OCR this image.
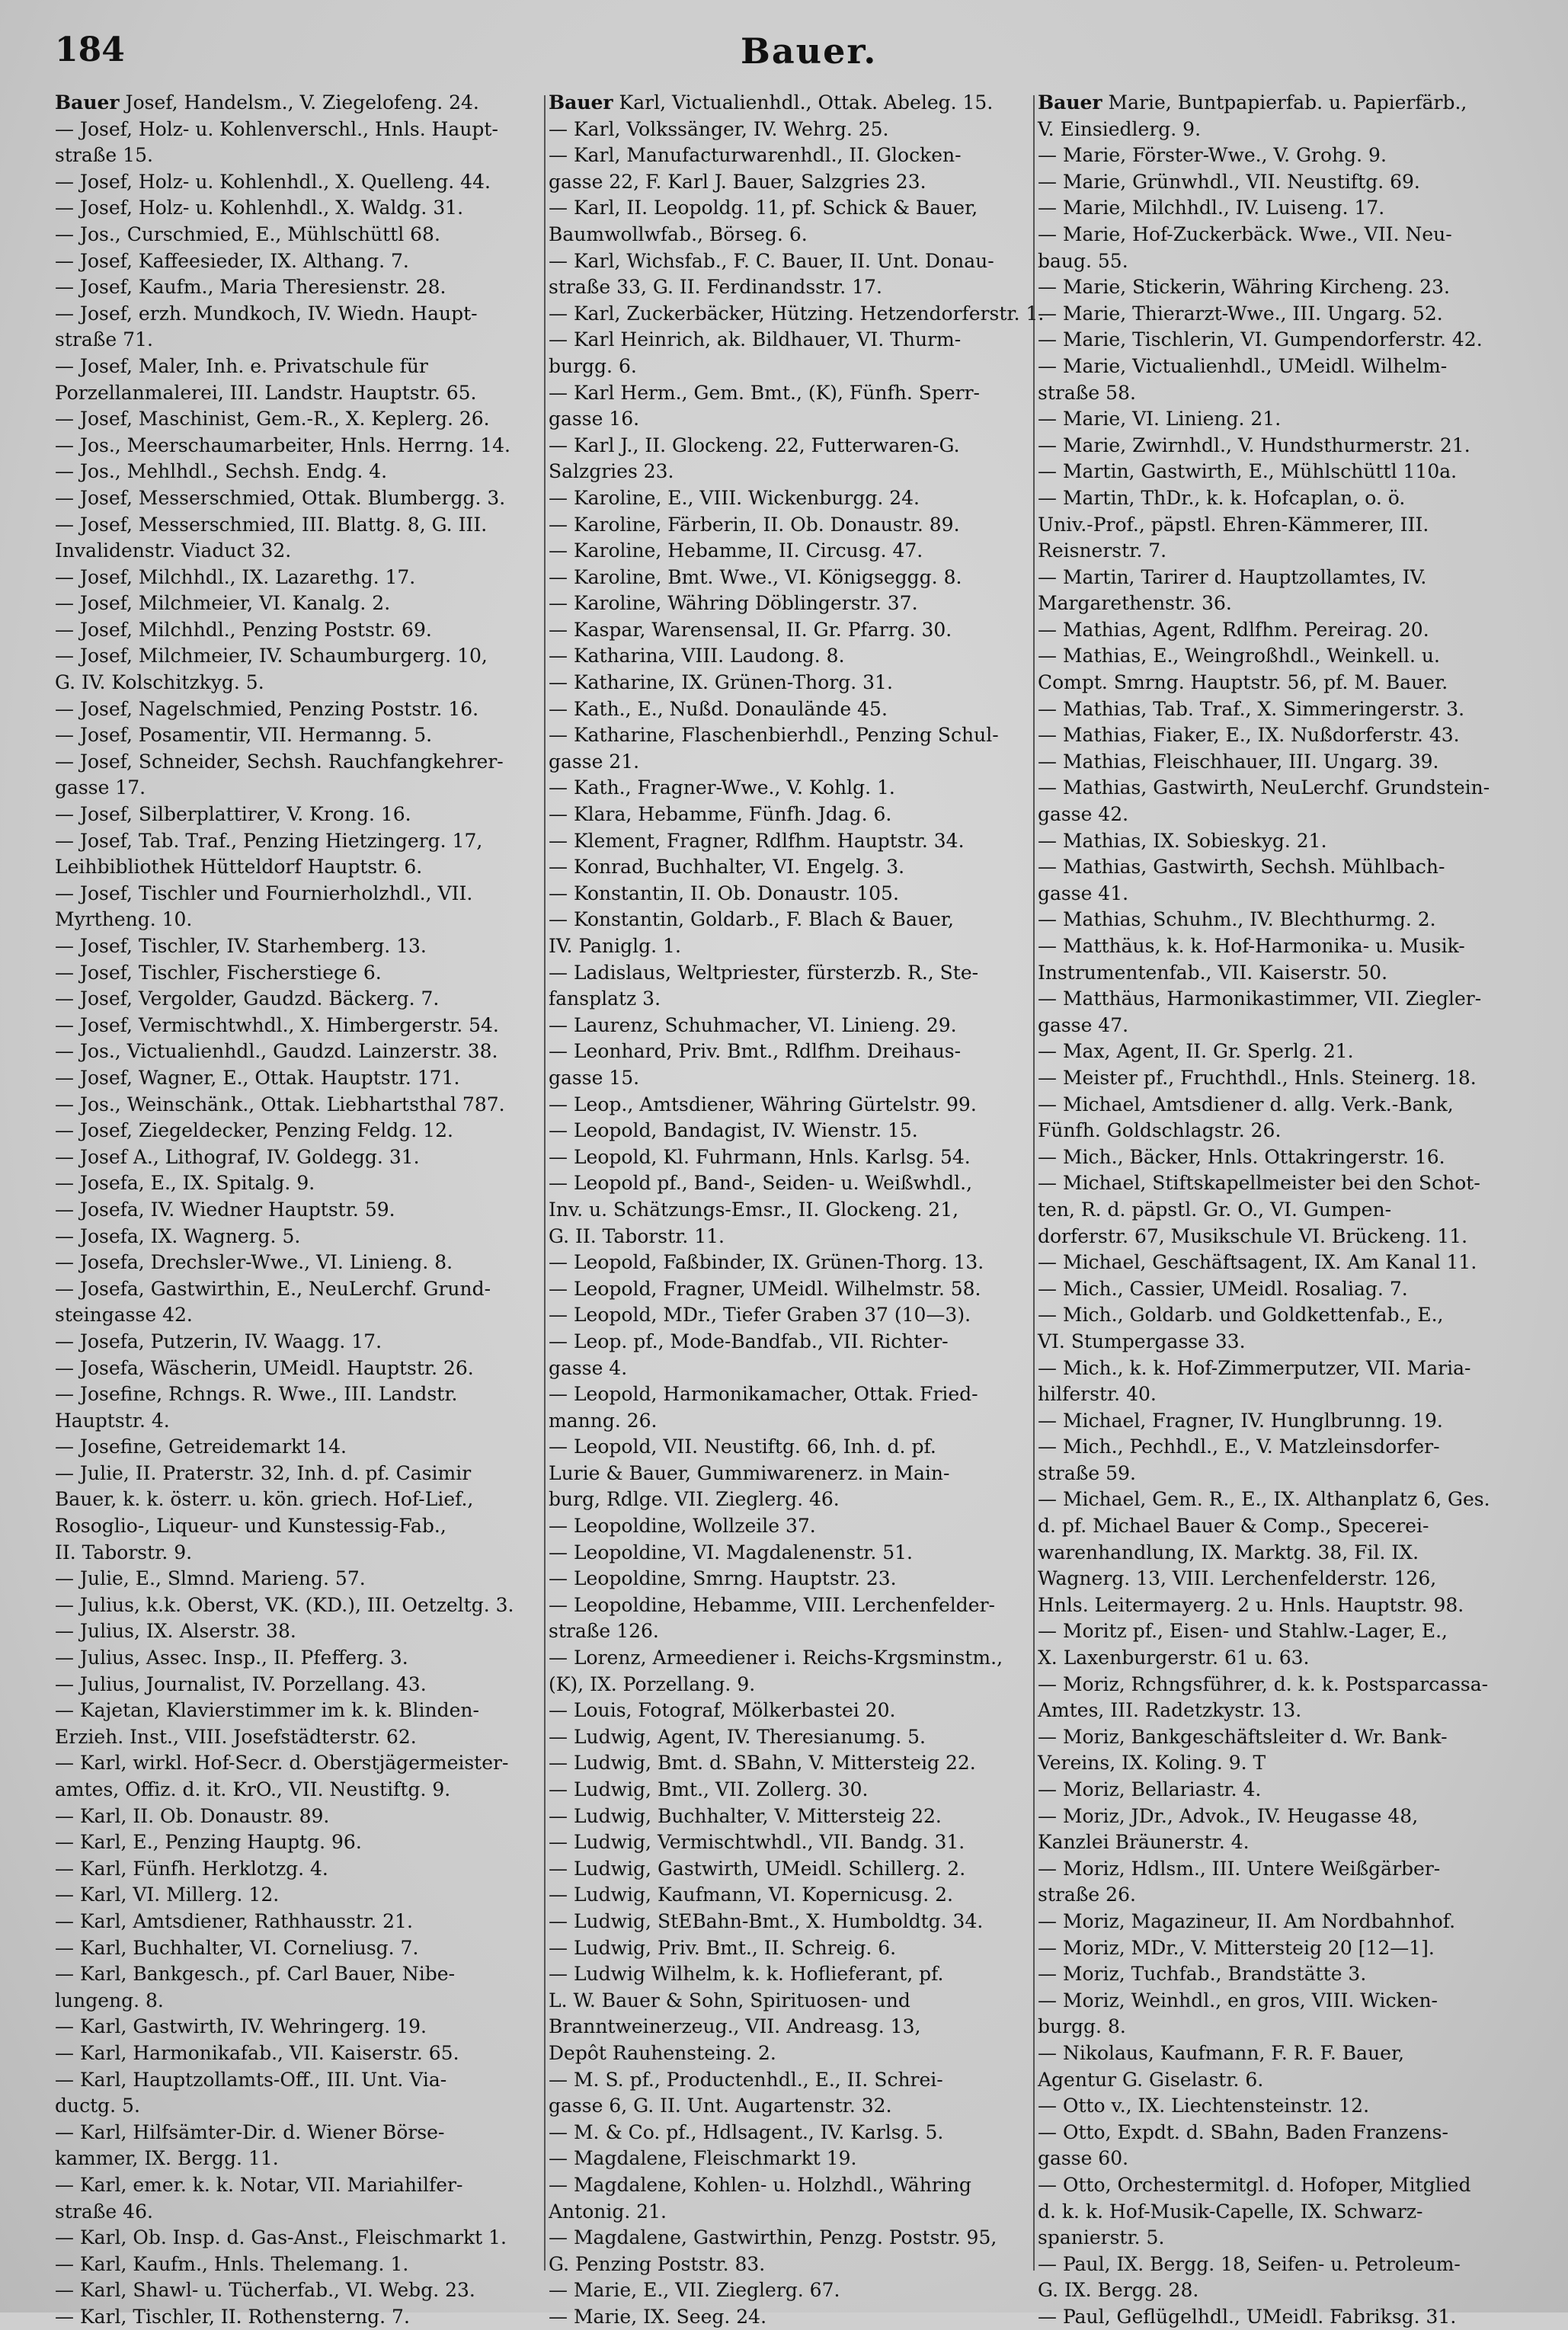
184	Bauer.
Bauer Josef, Handelsm., V. Ziegelofeng. 24.
— Josef, Holz- u. Kohlenverschl., Hnls. Haupt-
straße 15.
— Josef, Holz- u. Kohlenhdl., X. Quelleng. 44.
— Josef, Holz- u. Kohlenhdl., X. Waldg. 31.
— Jos., Curschmied, E., Mühlschüttl 68.
— Josef, Kaffeesieder, IX. Althang. 7.
— Josef, Kaufm., Maria Theresienstr. 28.
— Josef, erzh. Mundkoch, IV. Wiedn. Haupt-
straße 71.
— Josef, Maler, Inh. e. Privatschule für
Porzellanmalerei, III. Landstr. Hauptstr. 65.
— Josef, Maschinist, Gem.-R., X. Keplerg. 26.
— Jos., Meerschaumarbeiter, Hnls. Herrng. 14.
— Jos., Mehlhdl., Sechsh. Endg. 4.
— Josef, Messerschmied, Ottak. Blumbergg. 3.
— Josef, Messerschmied, III. Blattg. 8, G. III.
Invalidenstr. Viaduct 32.
— Josef, Milchhdl., IX. Lazarethg. 17.
— Josef, Milchmeier, VI. Kanalg. 2.
— Josef, Milchhdl., Penzing Poststr. 69.
— Josef, Milchmeier, IV. Schaumburgerg. 10,
G. IV. Kolschitzkyg. 5.
— Josef, Nagelschmied, Penzing Poststr. 16.
— Josef, Posamentir, VII. Hermanng. 5.
— Josef, Schneider, Sechsh. Rauchfangkehrer-
gasse 17.
— Josef, Silberplattirer, V. Krong. 16.
— Josef, Tab. Traf., Penzing Hietzingerg. 17,
Leihbibliothek Hütteldorf Hauptstr. 6.
— Josef, Tischler und Fournierholzhdl., VII.
Myrtheng. 10.
— Josef, Tischler, IV. Starhemberg. 13.
— Josef, Tischler, Fischerstiege 6.
— Josef, Vergolder, Gaudzd. Bäckerg. 7.
— Josef, Vermischtwhdl., X. Himbergerstr. 54.
— Jos., Victualienhdl., Gaudzd. Lainzerstr. 38.
— Josef, Wagner, E., Ottak. Hauptstr. 171.
— Jos., Weinschänk., Ottak. Liebhartsthal 787.
— Josef, Ziegeldecker, Penzing Feldg. 12.
— Josef A., Lithograf, IV. Goldegg. 31.
— Josefa, E., IX. Spitalg. 9.
— Josefa, IV. Wiedner Hauptstr. 59.
— Josefa, IX. Wagnerg. 5.
— Josefa, Drechsler-Wwe., VI. Linieng. 8.
— Josefa, Gastwirthin, E., NeuLerchf. Grund-
steingasse 42.
— Josefa, Putzerin, IV. Waagg. 17.
— Josefa, Wäscherin, UMeidl. Hauptstr. 26.
— Josefine, Rchngs. R. Wwe., III. Landstr.
Hauptstr. 4.
— Josefine, Getreidemarkt 14.
— Julie, II. Praterstr. 32, Inh. d. pf. Casimir
Bauer, k. k. österr. u. kön. griech. Hof-Lief.,
Rosoglio-, Liqueur- und Kunstessig-Fab.,
II. Taborstr. 9.
— Julie, E., Slmnd. Marieng. 57.
— Julius, k.k. Oberst, VK. (KD.), III. Oetzeltg. 3.
— Julius, IX. Alserstr. 38.
— Julius, Assec. Insp., II. Pfefferg. 3.
— Julius, Journalist, IV. Porzellang. 43.
— Kajetan, Klavierstimmer im k. k. Blinden-
Erzieh. Inst., VIII. Josefstädterstr. 62.
— Karl, wirkl. Hof-Secr. d. Oberstjägermeister-
amtes, Offiz. d. it. KrO., VII. Neustiftg. 9.
— Karl, II. Ob. Donaustr. 89.
— Karl, E., Penzing Hauptg. 96.
— Karl, Fünfh. Herklotzg. 4.
— Karl, VI. Millerg. 12.
— Karl, Amtsdiener, Rathhausstr. 21.
— Karl, Buchhalter, VI. Corneliusg. 7.
— Karl, Bankgesch., pf. Carl Bauer, Nibe-
lungeng. 8.
— Karl, Gastwirth, IV. Wehringerg. 19.
— Karl, Harmonikafab., VII. Kaiserstr. 65.
— Karl, Hauptzollamts-Off., III. Unt. Via-
ductg. 5.
— Karl, Hilfsämter-Dir. d. Wiener Börse-
kammer, IX. Bergg. 11.
— Karl, emer. k. k. Notar, VII. Mariahilfer-
straße 46.
— Karl, Ob. Insp. d. Gas-Anst., Fleischmarkt 1.
— Karl, Kaufm., Hnls. Thelemang. 1.
— Karl, Shawl- u. Tücherfab., VI. Webg. 23.
— Karl, Tischler, II. Rothensterng. 7.
Bauer Karl, Victualienhdl., Ottak. Abeleg. 15.
— Karl, Volkssänger, IV. Wehrg. 25.
— Karl, Manufacturwarenhdl., II. Glocken-
gasse 22, F. Karl J. Bauer, Salzgries 23.
— Karl, II. Leopoldg. 11, pf. Schick & Bauer,
Baumwollwfab., Börseg. 6.
— Karl, Wichsfab., F. C. Bauer, II. Unt. Donau-
straße 33, G. II. Ferdinandsstr. 17.
— Karl, Zuckerbäcker, Hützing. Hetzendorferstr. 1.
— Karl Heinrich, ak. Bildhauer, VI. Thurm-
burgg. 6.
— Karl Herm., Gem. Bmt., (K), Fünfh. Sperr-
gasse 16.
— Karl J., II. Glockeng. 22, Futterwaren-G.
Salzgries 23.
— Karoline, E., VIII. Wickenburgg. 24.
— Karoline, Färberin, II. Ob. Donaustr. 89.
— Karoline, Hebamme, II. Circusg. 47.
— Karoline, Bmt. Wwe., VI. Königseggg. 8.
— Karoline, Währing Döblingerstr. 37.
— Kaspar, Warensensal, II. Gr. Pfarrg. 30.
— Katharina, VIII. Laudong. 8.
— Katharine, IX. Grünen-Thorg. 31.
— Kath., E., Nußd. Donaulände 45.
— Katharine, Flaschenbierhdl., Penzing Schul-
gasse 21.
— Kath., Fragner-Wwe., V. Kohlg. 1.
— Klara, Hebamme, Fünfh. Jdag. 6.
— Klement, Fragner, Rdlfhm. Hauptstr. 34.
— Konrad, Buchhalter, VI. Engelg. 3.
— Konstantin, II. Ob. Donaustr. 105.
— Konstantin, Goldarb., F. Blach & Bauer,
IV. Paniglg. 1.
— Ladislaus, Weltpriester, fürsterzb. R., Ste-
fansplatz 3.
— Laurenz, Schuhmacher, VI. Linieng. 29.
— Leonhard, Priv. Bmt., Rdlfhm. Dreihaus-
gasse 15.
— Leop., Amtsdiener, Währing Gürtelstr. 99.
— Leopold, Bandagist, IV. Wienstr. 15.
— Leopold, Kl. Fuhrmann, Hnls. Karlsg. 54.
— Leopold pf., Band-, Seiden- u. Weißwhdl.,
Inv. u. Schätzungs-Emsr., II. Glockeng. 21,
G. II. Taborstr. 11.
— Leopold, Faßbinder, IX. Grünen-Thorg. 13.
— Leopold, Fragner, UMeidl. Wilhelmstr. 58.
— Leopold, MDr., Tiefer Graben 37 (10—3).
— Leop. pf., Mode-Bandfab., VII. Richter-
gasse 4.
— Leopold, Harmonikamacher, Ottak. Fried-
manng. 26.
— Leopold, VII. Neustiftg. 66, Inh. d. pf.
Lurie & Bauer, Gummiwarenerz. in Main-
burg, Rdlge. VII. Zieglerg. 46.
— Leopoldine, Wollzeile 37.
— Leopoldine, VI. Magdalenenstr. 51.
— Leopoldine, Smrng. Hauptstr. 23.
— Leopoldine, Hebamme, VIII. Lerchenfelder-
straße 126.
— Lorenz, Armeediener i. Reichs-Krgsminstm.,
(K), IX. Porzellang. 9.
— Louis, Fotograf, Mölkerbastei 20.
— Ludwig, Agent, IV. Theresianumg. 5.
— Ludwig, Bmt. d. SBahn, V. Mittersteig 22.
— Ludwig, Bmt., VII. Zollerg. 30.
— Ludwig, Buchhalter, V. Mittersteig 22.
— Ludwig, Vermischtwhdl., VII. Bandg. 31.
— Ludwig, Gastwirth, UMeidl. Schillerg. 2.
— Ludwig, Kaufmann, VI. Kopernicusg. 2.
— Ludwig, StEBahn-Bmt., X. Humboldtg. 34.
— Ludwig, Priv. Bmt., II. Schreig. 6.
— Ludwig Wilhelm, k. k. Hoflieferant, pf.
L. W. Bauer & Sohn, Spirituosen- und
Branntweinerzeug., VII. Andreasg. 13,
Depôt Rauhensteing. 2.
— M. S. pf., Productenhdl., E., II. Schrei-
gasse 6, G. II. Unt. Augartenstr. 32.
— M. & Co. pf., Hdlsagent., IV. Karlsg. 5.
— Magdalene, Fleischmarkt 19.
— Magdalene, Kohlen- u. Holzhdl., Währing
Antonig. 21.
— Magdalene, Gastwirthin, Penzg. Poststr. 95,
G. Penzing Poststr. 83.
— Marie, E., VII. Zieglerg. 67.
— Marie, IX. Seeg. 24.
Bauer Marie, Buntpapierfab. u. Papierfärb.,
V. Einsiedlerg. 9.
— Marie, Förster-Wwe., V. Grohg. 9.
— Marie, Grünwhdl., VII. Neustiftg. 69.
— Marie, Milchhdl., IV. Luiseng. 17.
— Marie, Hof-Zuckerbäck. Wwe., VII. Neu-
baug. 55.
— Marie, Stickerin, Währing Kircheng. 23.
— Marie, Thierarzt-Wwe., III. Ungarg. 52.
— Marie, Tischlerin, VI. Gumpendorferstr. 42.
— Marie, Victualienhdl., UMeidl. Wilhelm-
straße 58.
— Marie, VI. Linieng. 21.
— Marie, Zwirnhdl., V. Hundsthurmerstr. 21.
— Martin, Gastwirth, E., Mühlschüttl 110a.
— Martin, ThDr., k. k. Hofcaplan, o. ö.
Univ.-Prof., päpstl. Ehren-Kämmerer, III.
Reisnerstr. 7.
— Martin, Tarirer d. Hauptzollamtes, IV.
Margarethenstr. 36.
— Mathias, Agent, Rdlfhm. Pereirag. 20.
— Mathias, E., Weingroßhdl., Weinkell. u.
Compt. Smrng. Hauptstr. 56, pf. M. Bauer.
— Mathias, Tab. Traf., X. Simmeringerstr. 3.
— Mathias, Fiaker, E., IX. Nußdorferstr. 43.
— Mathias, Fleischhauer, III. Ungarg. 39.
— Mathias, Gastwirth, NeuLerchf. Grundstein-
gasse 42.
— Mathias, IX. Sobieskyg. 21.
— Mathias, Gastwirth, Sechsh. Mühlbach-
gasse 41.
— Mathias, Schuhm., IV. Blechthurmg. 2.
— Matthäus, k. k. Hof-Harmonika- u. Musik-
Instrumentenfab., VII. Kaiserstr. 50.
— Matthäus, Harmonikastimmer, VII. Ziegler-
gasse 47.
— Max, Agent, II. Gr. Sperlg. 21.
— Meister pf., Fruchthdl., Hnls. Steinerg. 18.
— Michael, Amtsdiener d. allg. Verk.-Bank,
Fünfh. Goldschlagstr. 26.
— Mich., Bäcker, Hnls. Ottakringerstr. 16.
— Michael, Stiftskapellmeister bei den Schot-
ten, R. d. päpstl. Gr. O., VI. Gumpen-
dorferstr. 67, Musikschule VI. Brückeng. 11.
— Michael, Geschäftsagent, IX. Am Kanal 11.
— Mich., Cassier, UMeidl. Rosaliag. 7.
— Mich., Goldarb. und Goldkettenfab., E.,
VI. Stumpergasse 33.
— Mich., k. k. Hof-Zimmerputzer, VII. Maria-
hilferstr. 40.
— Michael, Fragner, IV. Hunglbrunng. 19.
— Mich., Pechhdl., E., V. Matzleinsdorfer-
straße 59.
— Michael, Gem. R., E., IX. Althanplatz 6, Ges.
d. pf. Michael Bauer & Comp., Specerei-
warenhandlung, IX. Marktg. 38, Fil. IX.
Wagnerg. 13, VIII. Lerchenfelderstr. 126,
Hnls. Leitermayerg. 2 u. Hnls. Hauptstr. 98.
— Moritz pf., Eisen- und Stahlw.-Lager, E.,
X. Laxenburgerstr. 61 u. 63.
— Moriz, Rchngsführer, d. k. k. Postsparcassa-
Amtes, III. Radetzkystr. 13.
— Moriz, Bankgeschäftsleiter d. Wr. Bank-
Vereins, IX. Koling. 9. T
— Moriz, Bellariastr. 4.
— Moriz, JDr., Advok., IV. Heugasse 48,
Kanzlei Bräunerstr. 4.
— Moriz, Hdlsm., III. Untere Weißgärber-
straße 26.
— Moriz, Magazineur, II. Am Nordbahnhof.
— Moriz, MDr., V. Mittersteig 20 [12—1].
— Moriz, Tuchfab., Brandstätte 3.
— Moriz, Weinhdl., en gros, VIII. Wicken-
burgg. 8.
— Nikolaus, Kaufmann, F. R. F. Bauer,
Agentur G. Giselastr. 6.
— Otto v., IX. Liechtensteinstr. 12.
— Otto, Expdt. d. SBahn, Baden Franzens-
gasse 60.
— Otto, Orchestermitgl. d. Hofoper, Mitglied
d. k. k. Hof-Musik-Capelle, IX. Schwarz-
spanierstr. 5.
— Paul, IX. Bergg. 18, Seifen- u. Petroleum-
G. IX. Bergg. 28.
— Paul, Geflügelhdl., UMeidl. Fabriksg. 31.
